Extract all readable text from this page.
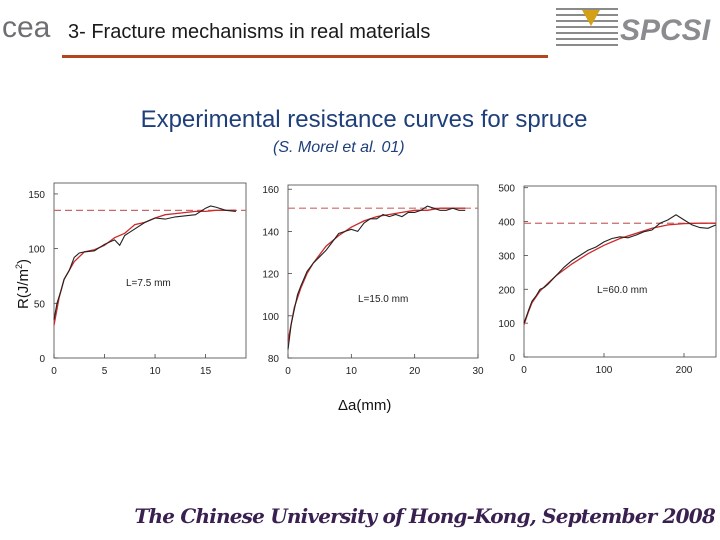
cea 3- Fracture mechanisms in real materials	SPCSI
Experimental resistance curves for spruce
(S. Morel et al. 01)
0
50
100
150
0	5	10	15
L=7.5 mm
80
100
120
140
160
0	10	20	30
L=15.0 mm
0
100
200
300
400
500
0	100	200
L=60.0 mm
$R(J/m^2)$
Δa(mm)
The Chinese University of Hong-Kong, September 2008
